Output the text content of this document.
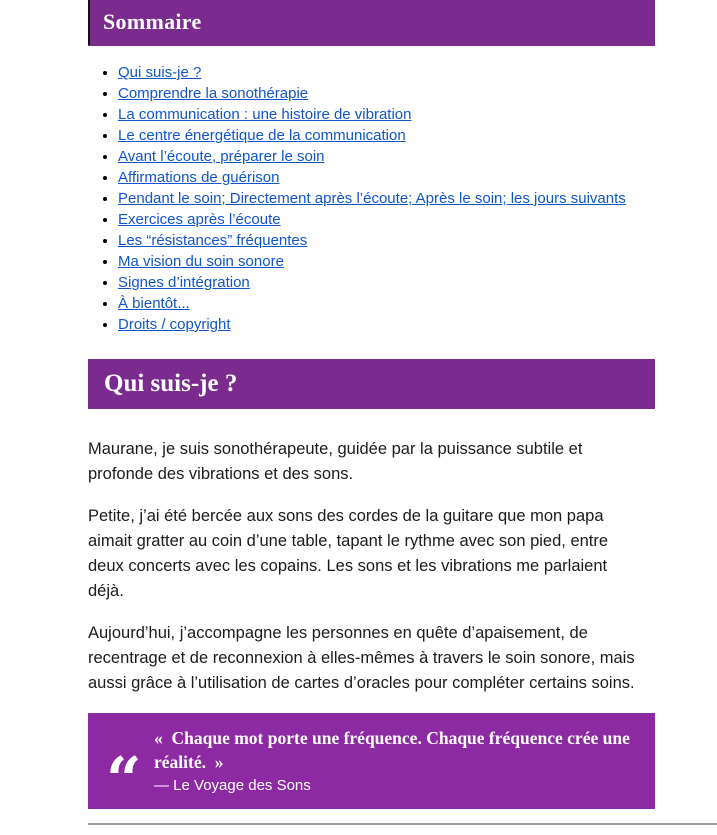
Sommaire
• Qui suis-je ?
• Comprendre la sonothérapie
• La communication : une histoire de vibration
• Le centre énergétique de la communication
• Avant l’écoute, préparer le soin
• Affirmations de guérison
• Pendant le soin; Directement après l’écoute; Après le soin; les jours suivants
• Exercices après l’écoute
• Les “résistances” fréquentes
• Ma vision du soin sonore
• Signes d’intégration
• À bientôt...
• Droits / copyright
Qui suis-je ?

Maurane, je suis sonothérapeute, guidée par la puissance subtile et profonde des vibrations et des sons.

Petite, j’ai été bercée aux sons des cordes de la guitare que mon papa aimait gratter au coin d’une table, tapant le rythme avec son pied, entre deux concerts avec les copains. Les sons et les vibrations me parlaient déjà.

Aujourd’hui, j’accompagne les personnes en quête d’apaisement, de recentrage et de reconnexion à elles-mêmes à travers le soin sonore, mais aussi grâce à l’utilisation de cartes d’oracles pour compléter certains soins.

“
«  Chaque mot porte une fréquence. Chaque fréquence crée une réalité.  »
— Le Voyage des Sons
